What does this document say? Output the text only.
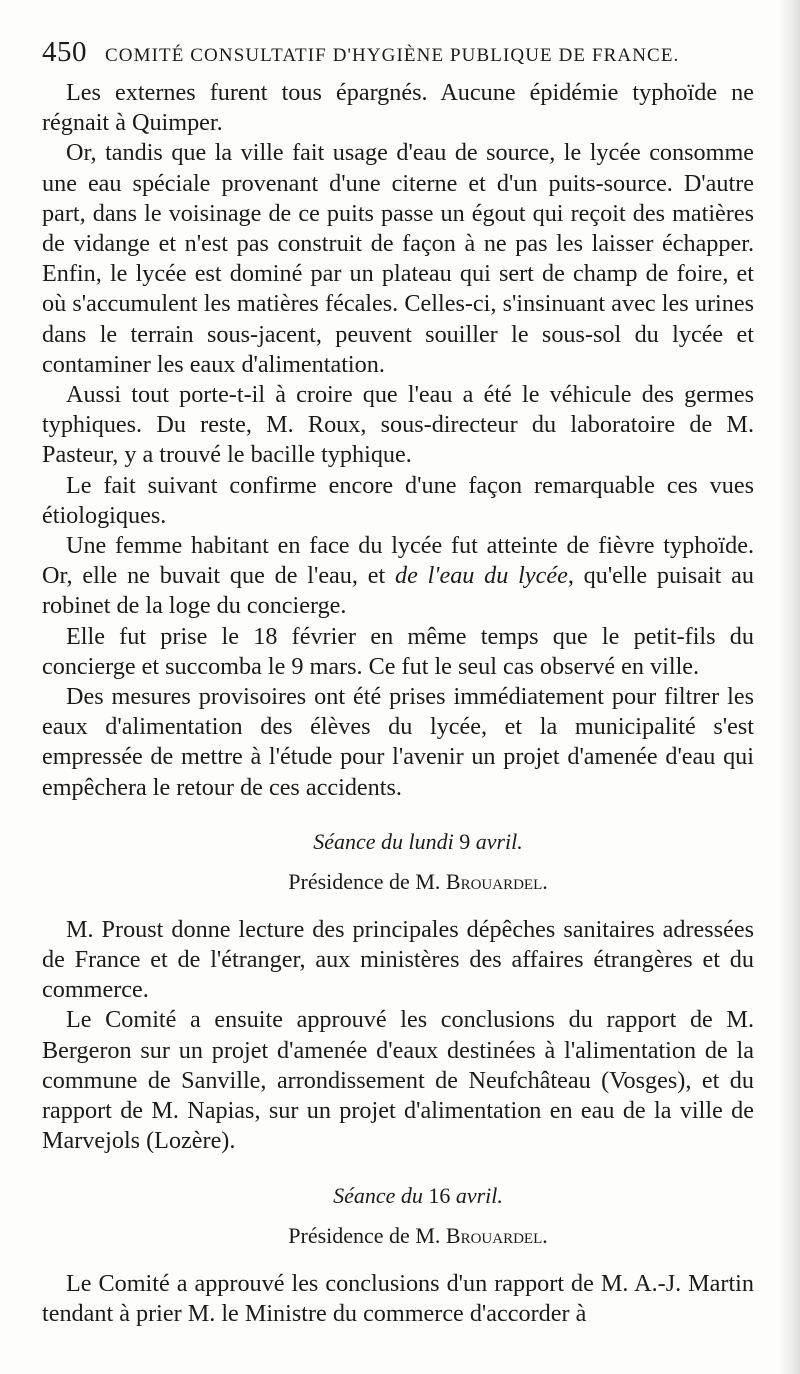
450 COMITÉ CONSULTATIF D'HYGIÈNE PUBLIQUE DE FRANCE.

Les externes furent tous épargnés. Aucune épidémie typhoïde ne régnait à Quimper.

Or, tandis que la ville fait usage d'eau de source, le lycée consomme une eau spéciale provenant d'une citerne et d'un puits-source. D'autre part, dans le voisinage de ce puits passe un égout qui reçoit des matières de vidange et n'est pas construit de façon à ne pas les laisser échapper. Enfin, le lycée est dominé par un plateau qui sert de champ de foire, et où s'accumulent les matières fécales. Celles-ci, s'insinuant avec les urines dans le terrain sous-jacent, peuvent souiller le sous-sol du lycée et contaminer les eaux d'alimentation.

Aussi tout porte-t-il à croire que l'eau a été le véhicule des germes typhiques. Du reste, M. Roux, sous-directeur du laboratoire de M. Pasteur, y a trouvé le bacille typhique.

Le fait suivant confirme encore d'une façon remarquable ces vues étiologiques.

Une femme habitant en face du lycée fut atteinte de fièvre typhoïde. Or, elle ne buvait que de l'eau, et de l'eau du lycée, qu'elle puisait au robinet de la loge du concierge.

Elle fut prise le 18 février en même temps que le petit-fils du concierge et succomba le 9 mars. Ce fut le seul cas observé en ville.

Des mesures provisoires ont été prises immédiatement pour filtrer les eaux d'alimentation des élèves du lycée, et la municipalité s'est empressée de mettre à l'étude pour l'avenir un projet d'amenée d'eau qui empêchera le retour de ces accidents.

Séance du lundi 9 avril.

Présidence de M. Brouardel.

M. Proust donne lecture des principales dépêches sanitaires adressées de France et de l'étranger, aux ministères des affaires étrangères et du commerce.

Le Comité a ensuite approuvé les conclusions du rapport de M. Bergeron sur un projet d'amenée d'eaux destinées à l'alimentation de la commune de Sanville, arrondissement de Neufchâteau (Vosges), et du rapport de M. Napias, sur un projet d'alimentation en eau de la ville de Marvejols (Lozère).

Séance du 16 avril.

Présidence de M. Brouardel.

Le Comité a approuvé les conclusions d'un rapport de M. A.-J. Martin tendant à prier M. le Ministre du commerce d'accorder à
